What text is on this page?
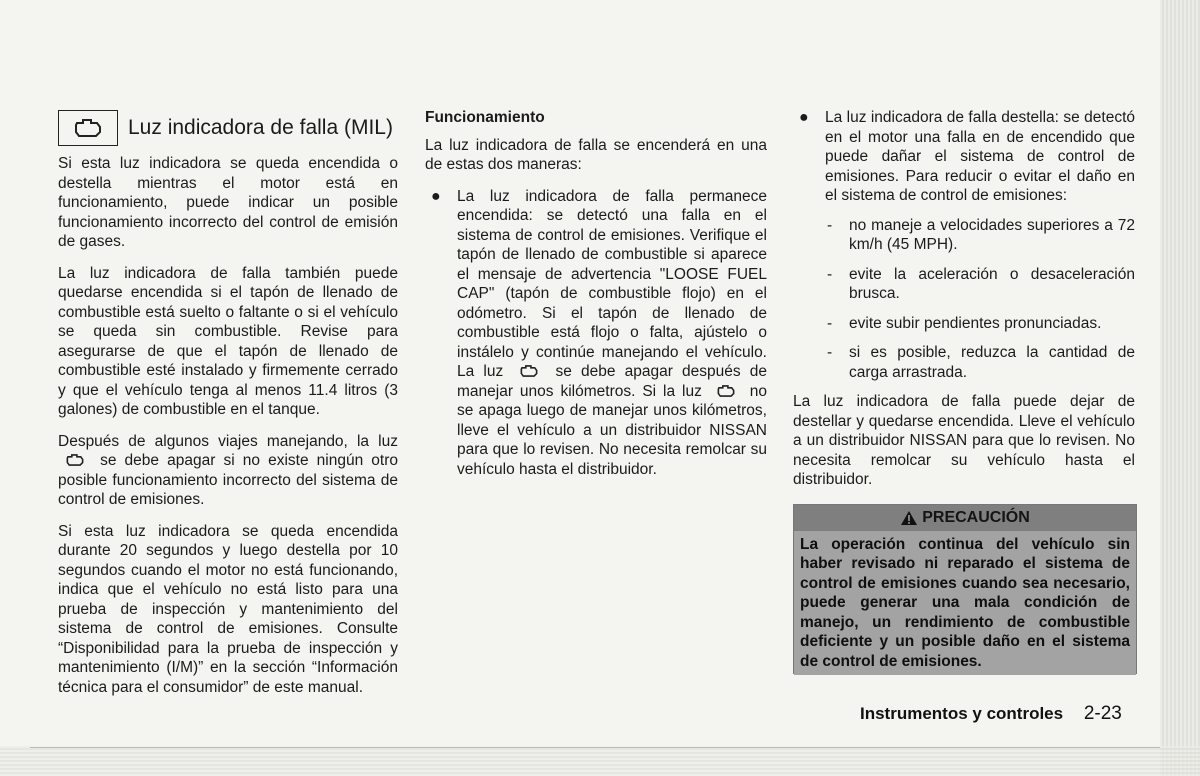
Luz indicadora de falla (MIL)

Si esta luz indicadora se queda encendida o destella mientras el motor está en funcionamiento, puede indicar un posible funcionamiento incorrecto del control de emisión de gases.

La luz indicadora de falla también puede quedarse encendida si el tapón de llenado de combustible está suelto o faltante o si el vehículo se queda sin combustible. Revise para asegurarse de que el tapón de llenado de combustible esté instalado y firmemente cerrado y que el vehículo tenga al menos 11.4 litros (3 galones) de combustible en el tanque.

Después de algunos viajes manejando, la luz  se debe apagar si no existe ningún otro posible funcionamiento incorrecto del sistema de control de emisiones.

Si esta luz indicadora se queda encendida durante 20 segundos y luego destella por 10 segundos cuando el motor no está funcionando, indica que el vehículo no está listo para una prueba de inspección y mantenimiento del sistema de control de emisiones. Consulte “Disponibilidad para la prueba de inspección y mantenimiento (I/M)” en la sección “Información técnica para el consumidor” de este manual.

Funcionamiento

La luz indicadora de falla se encenderá en una de estas dos maneras:

●	La luz indicadora de falla permanece encendida: se detectó una falla en el sistema de control de emisiones. Verifique el tapón de llenado de combustible si aparece el mensaje de advertencia "LOOSE FUEL CAP" (tapón de combustible flojo) en el odómetro. Si el tapón de llenado de combustible está flojo o falta, ajústelo o instálelo y continúe manejando el vehículo. La luz	se debe apagar después de manejar unos kilómetros. Si la luz	no se apaga luego de manejar unos kilómetros, lleve el vehículo a un distribuidor NISSAN para que lo revisen. No necesita remolcar su vehículo hasta el distribuidor.
●	La luz indicadora de falla destella: se detectó en el motor una falla en de encendido que puede dañar el sistema de control de emisiones. Para reducir o evitar el daño en el sistema de control de emisiones:
-	no maneje a velocidades superiores a 72 km/h (45 MPH).
-	evite la aceleración o desaceleración brusca.
-	evite subir pendientes pronunciadas.
-	si es posible, reduzca la cantidad de carga arrastrada.

La luz indicadora de falla puede dejar de destellar y quedarse encendida. Lleve el vehículo a un distribuidor NISSAN para que lo revisen. No necesita remolcar su vehículo hasta el distribuidor.

PRECAUCIÓN
La operación continua del vehículo sin haber revisado ni reparado el sistema de control de emisiones cuando sea necesario, puede generar una mala condición de manejo, un rendimiento de combustible deficiente y un posible daño en el sistema de control de emisiones.
Instrumentos y controles 2-23
